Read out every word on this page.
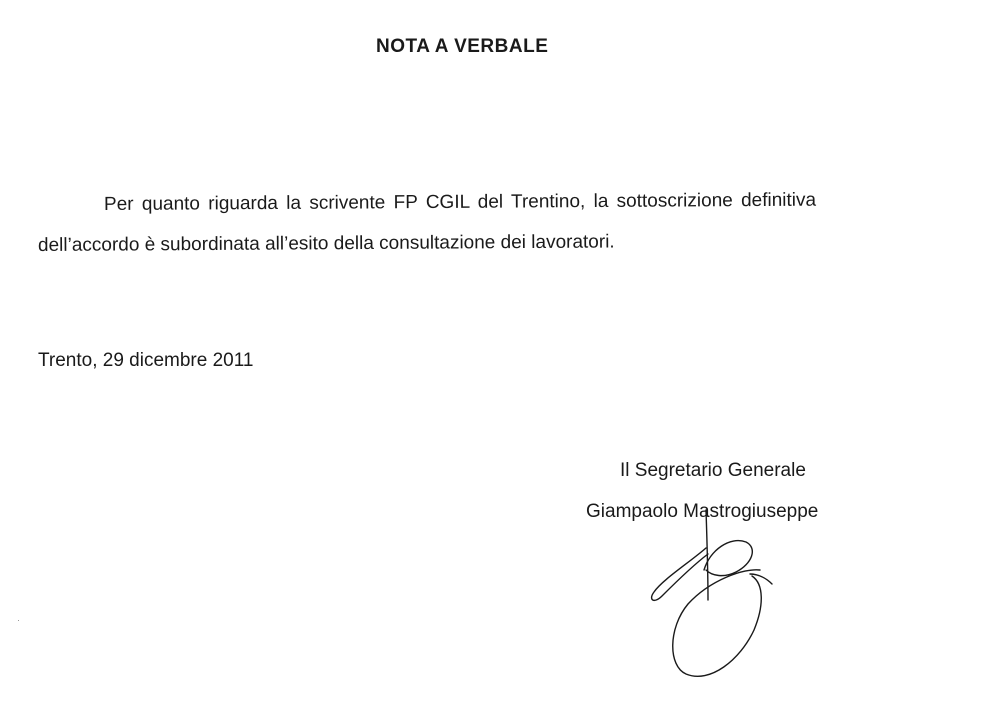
NOTA A VERBALE
Per quanto riguarda la scrivente FP CGIL del Trentino, la sottoscrizione definitiva
dell’accordo è subordinata all’esito della consultazione dei lavoratori.
Trento, 29 dicembre 2011
Il Segretario Generale
Giampaolo Mastrogiuseppe
